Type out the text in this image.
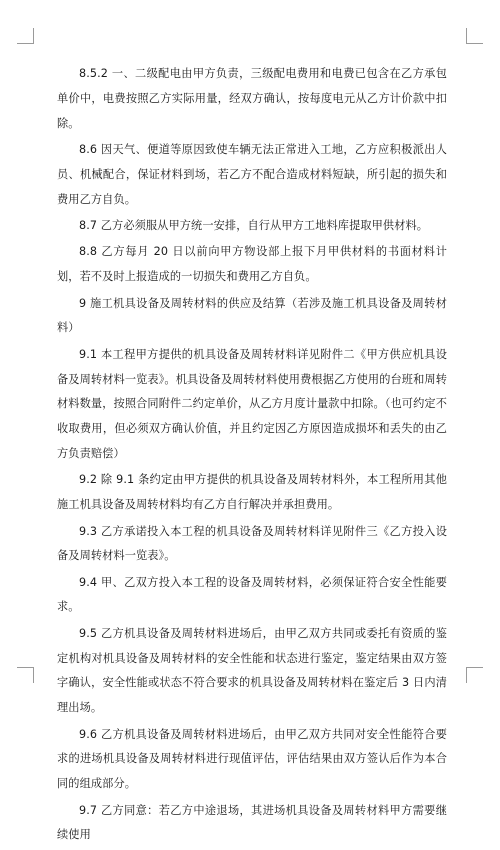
8.5.2 一、二级配电由甲方负责，三级配电费用和电费已包含在乙方承包单价中，电费按照乙方实际用量，经双方确认，按每度电元从乙方计价款中扣除。

8.6 因天气、便道等原因致使车辆无法正常进入工地，乙方应积极派出人员、机械配合，保证材料到场，若乙方不配合造成材料短缺，所引起的损失和费用乙方自负。

8.7 乙方必须服从甲方统一安排，自行从甲方工地料库提取甲供材料。

8.8 乙方每月 20 日以前向甲方物设部上报下月甲供材料的书面材料计划，若不及时上报造成的一切损失和费用乙方自负。

9 施工机具设备及周转材料的供应及结算（若涉及施工机具设备及周转材料）

9.1 本工程甲方提供的机具设备及周转材料详见附件二《甲方供应机具设备及周转材料一览表》。机具设备及周转材料使用费根据乙方使用的台班和周转材料数量，按照合同附件二约定单价，从乙方月度计量款中扣除。（也可约定不收取费用，但必须双方确认价值，并且约定因乙方原因造成损坏和丢失的由乙方负责赔偿）

9.2 除 9.1 条约定由甲方提供的机具设备及周转材料外，本工程所用其他施工机具设备及周转材料均有乙方自行解决并承担费用。

9.3 乙方承诺投入本工程的机具设备及周转材料详见附件三《乙方投入设备及周转材料一览表》。

9.4 甲、乙双方投入本工程的设备及周转材料，必须保证符合安全性能要求。

9.5 乙方机具设备及周转材料进场后，由甲乙双方共同或委托有资质的鉴定机构对机具设备及周转材料的安全性能和状态进行鉴定，鉴定结果由双方签字确认，安全性能或状态不符合要求的机具设备及周转材料在鉴定后 3 日内清理出场。

9.6 乙方机具设备及周转材料进场后，由甲乙双方共同对安全性能符合要求的进场机具设备及周转材料进行现值评估，评估结果由双方签认后作为本合同的组成部分。

9.7 乙方同意：若乙方中途退场，其进场机具设备及周转材料甲方需要继续使用
